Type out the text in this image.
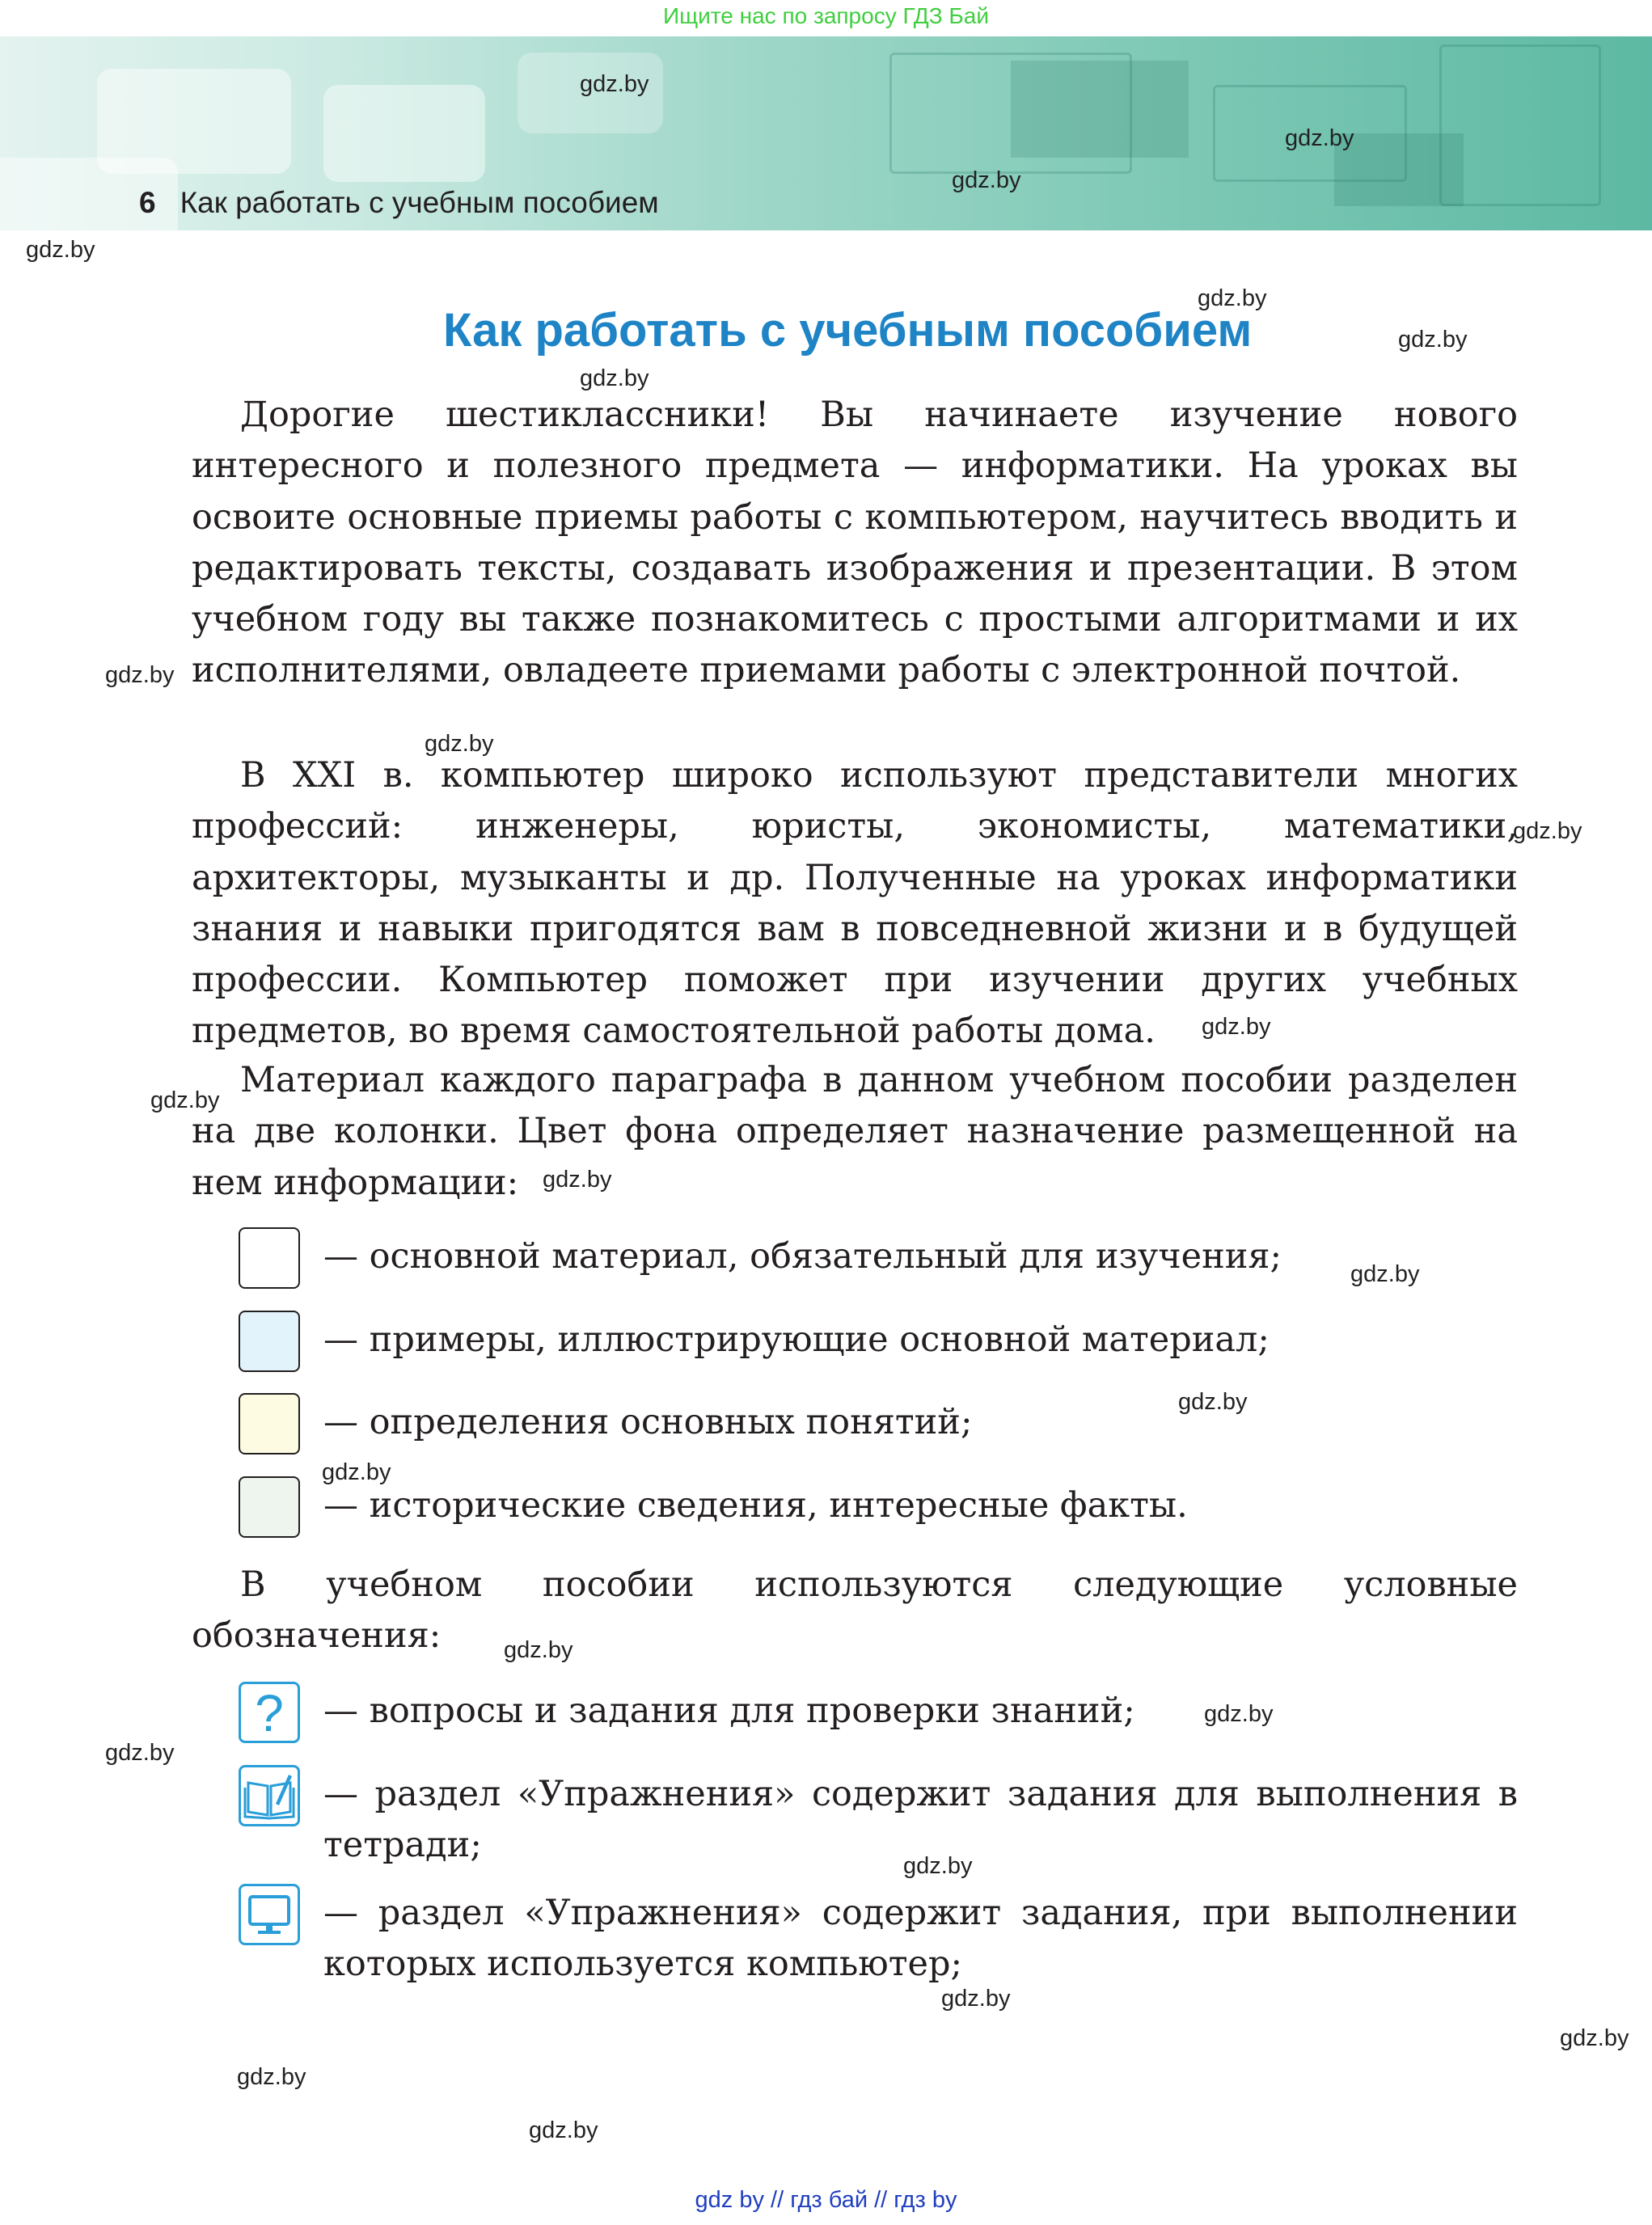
Ищите нас по запросу ГДЗ Бай
6 Как работать с учебным пособием
Как работать с учебным пособием
Дорогие шестиклассники! Вы начинаете изучение нового интересного и полезного предмета — информатики. На уроках вы освоите основные приемы работы с компьютером, научитесь вводить и редактировать тексты, создавать изображения и презентации. В этом учебном году вы также познакомитесь с простыми алгоритмами и их исполнителями, овладеете приемами работы с электронной почтой.
В XXI в. компьютер широко используют представители многих профессий: инженеры, юристы, экономисты, математики, архитекторы, музыканты и др. Полученные на уроках информатики знания и навыки пригодятся вам в повседневной жизни и в будущей профессии. Компьютер поможет при изучении других учебных предметов, во время самостоятельной работы дома.
Материал каждого параграфа в данном учебном пособии разделен на две колонки. Цвет фона определяет назначение размещенной на нем информации:
— основной материал, обязательный для изучения;
— примеры, иллюстрирующие основной материал;
— определения основных понятий;
— исторические сведения, интересные факты.
В учебном пособии используются следующие условные обозначения:
? — вопросы и задания для проверки знаний;
— раздел «Упражнения» содержит задания для выполнения в тетради;
— раздел «Упражнения» содержит задания, при выполнении которых используется компьютер;
gdz.by
gdz.by
gdz.by
gdz.by
gdz.by
gdz.by
gdz.by
gdz.by
gdz.by
gdz.by
gdz.by
gdz.by
gdz.by
gdz.by
gdz.by
gdz.by
gdz.by
gdz.by
gdz.by
gdz.by
gdz.by
gdz.by
gdz.by
gdz.by
gdz by // гдз бай // гдз by
